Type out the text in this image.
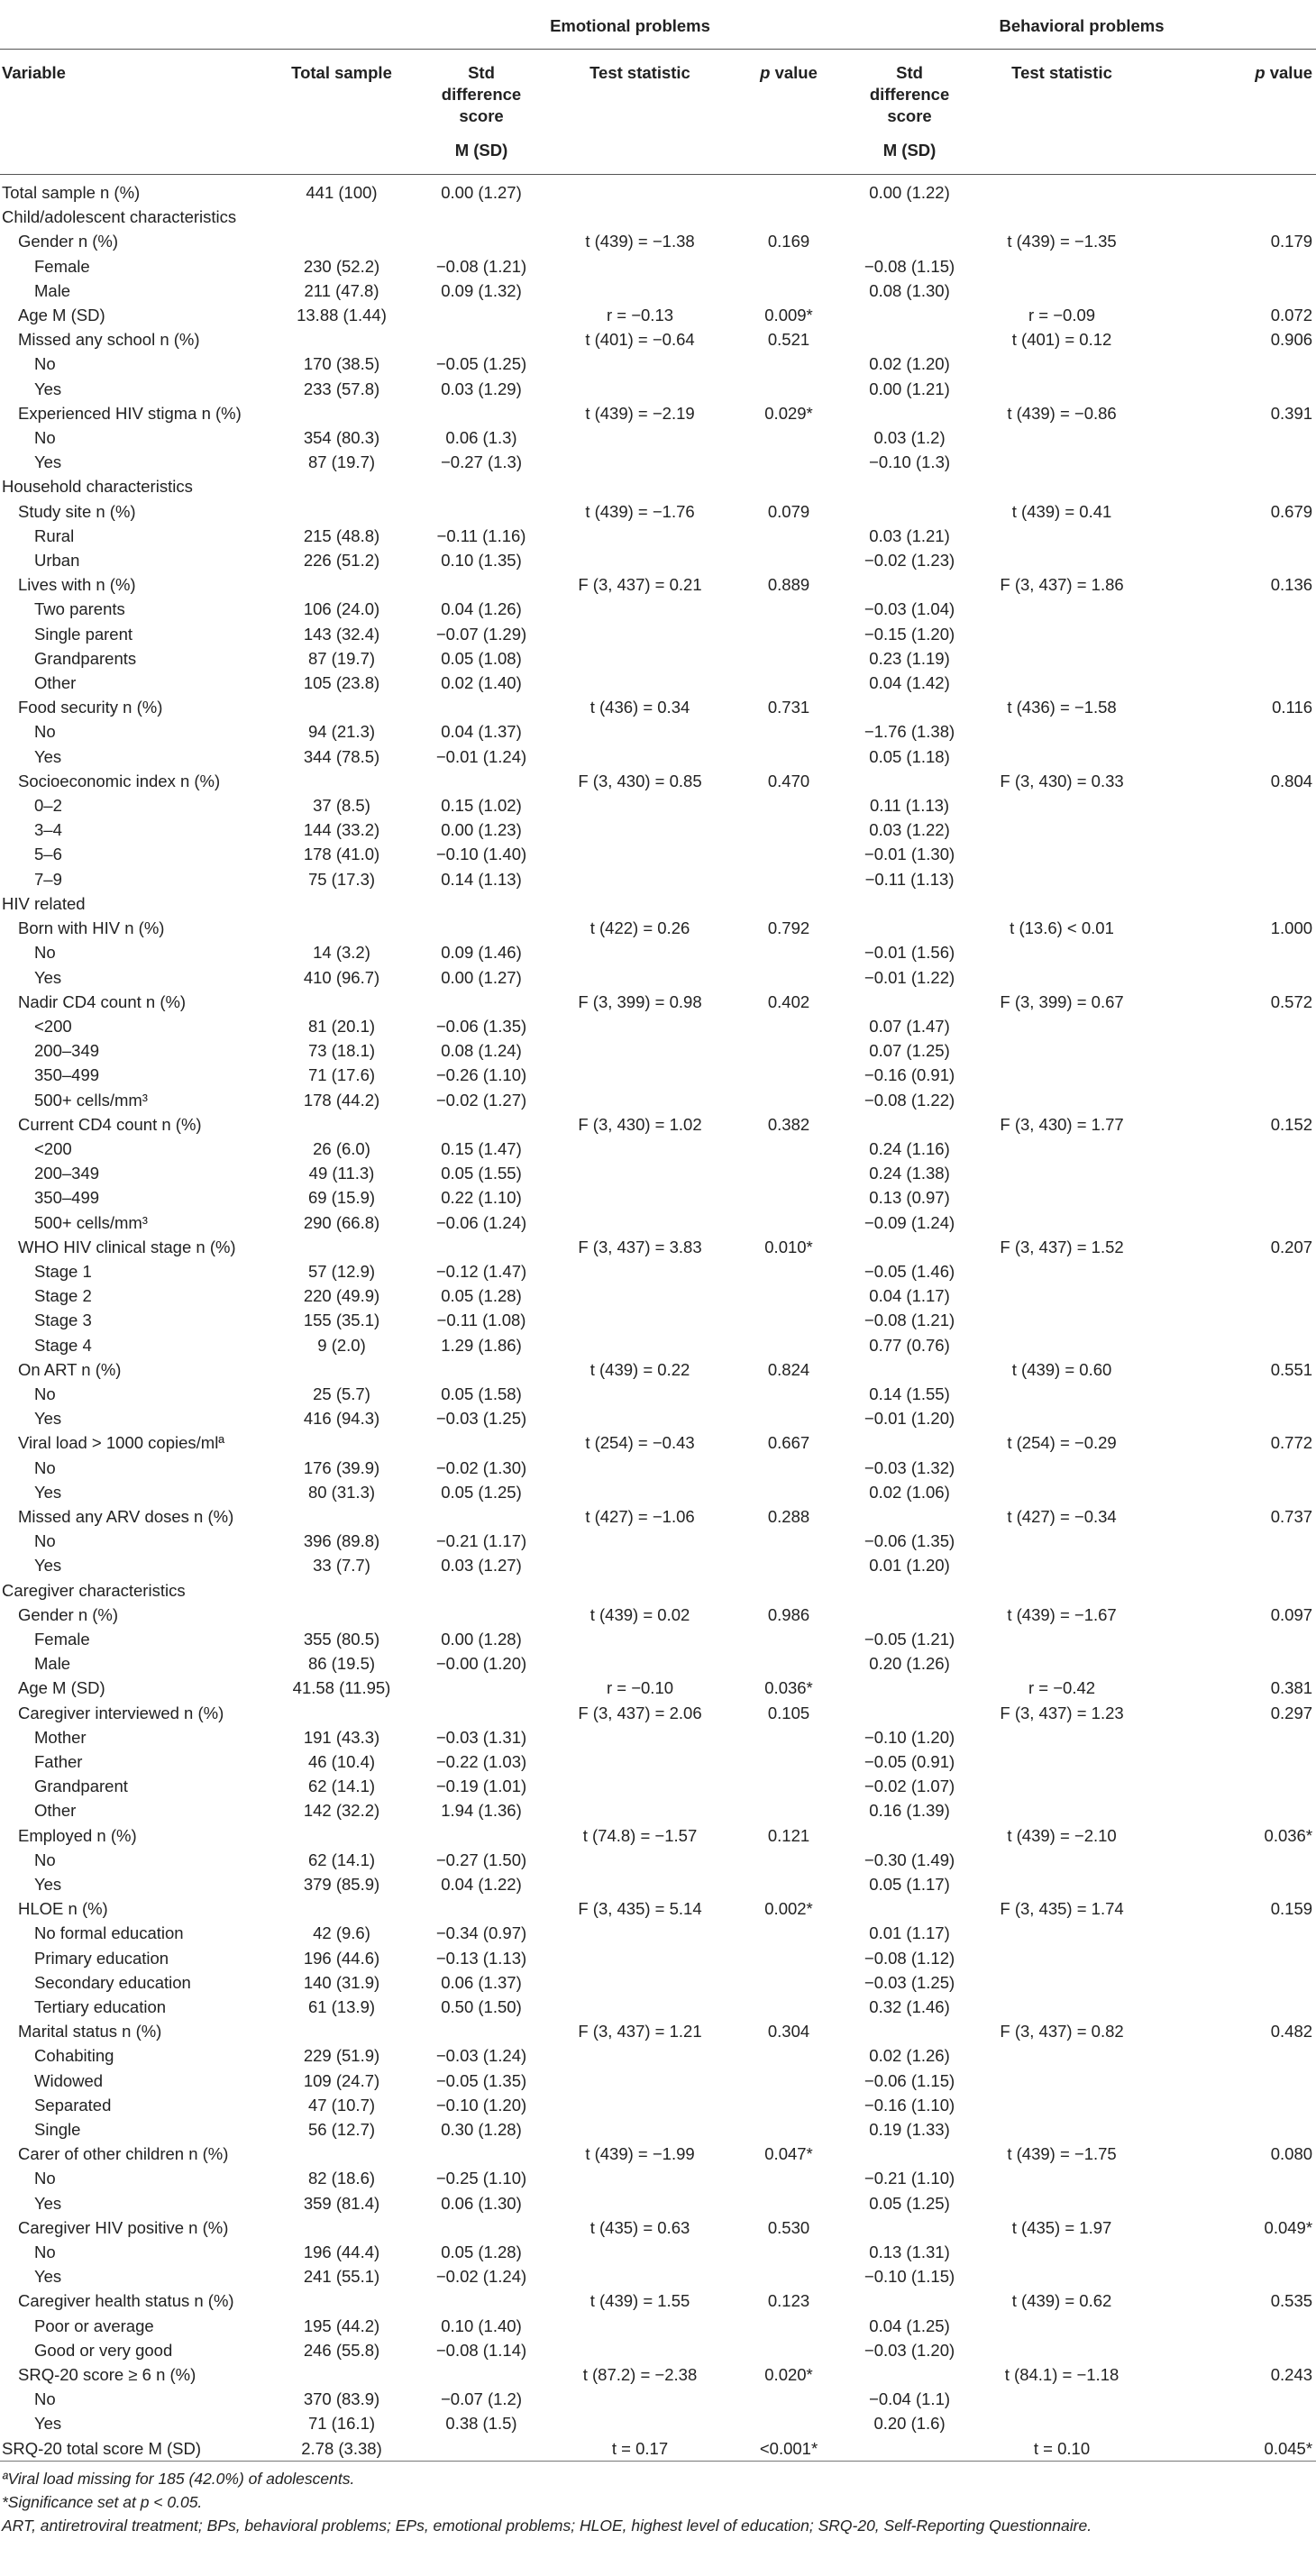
		Emotional problems			Behavioral problems		
Variable	Total sample	Std
difference
score	Test statistic	p value	Std
difference
score	Test statistic	p value
		M (SD)			M (SD)		
Total sample n (%)	441 (100)	0.00 (1.27)			0.00 (1.22)		
Child/adolescent characteristics							
Gender n (%)			t (439) = −1.38	0.169		t (439) = −1.35	0.179
Female	230 (52.2)	−0.08 (1.21)			−0.08 (1.15)		
Male	211 (47.8)	0.09 (1.32)			0.08 (1.30)		
Age M (SD)	13.88 (1.44)		r = −0.13	0.009*		r = −0.09	0.072
Missed any school n (%)			t (401) = −0.64	0.521		t (401) = 0.12	0.906
No	170 (38.5)	−0.05 (1.25)			0.02 (1.20)		
Yes	233 (57.8)	0.03 (1.29)			0.00 (1.21)		
Experienced HIV stigma n (%)			t (439) = −2.19	0.029*		t (439) = −0.86	0.391
No	354 (80.3)	0.06 (1.3)			0.03 (1.2)		
Yes	87 (19.7)	−0.27 (1.3)			−0.10 (1.3)		
Household characteristics							
Study site n (%)			t (439) = −1.76	0.079		t (439) = 0.41	0.679
Rural	215 (48.8)	−0.11 (1.16)			0.03 (1.21)		
Urban	226 (51.2)	0.10 (1.35)			−0.02 (1.23)		
Lives with n (%)			F (3, 437) = 0.21	0.889		F (3, 437) = 1.86	0.136
Two parents	106 (24.0)	0.04 (1.26)			−0.03 (1.04)		
Single parent	143 (32.4)	−0.07 (1.29)			−0.15 (1.20)		
Grandparents	87 (19.7)	0.05 (1.08)			0.23 (1.19)		
Other	105 (23.8)	0.02 (1.40)			0.04 (1.42)		
Food security n (%)			t (436) = 0.34	0.731		t (436) = −1.58	0.116
No	94 (21.3)	0.04 (1.37)			−1.76 (1.38)		
Yes	344 (78.5)	−0.01 (1.24)			0.05 (1.18)		
Socioeconomic index n (%)			F (3, 430) = 0.85	0.470		F (3, 430) = 0.33	0.804
0–2	37 (8.5)	0.15 (1.02)			0.11 (1.13)		
3–4	144 (33.2)	0.00 (1.23)			0.03 (1.22)		
5–6	178 (41.0)	−0.10 (1.40)			−0.01 (1.30)		
7–9	75 (17.3)	0.14 (1.13)			−0.11 (1.13)		
HIV related							
Born with HIV n (%)			t (422) = 0.26	0.792		t (13.6) < 0.01	1.000
No	14 (3.2)	0.09 (1.46)			−0.01 (1.56)		
Yes	410 (96.7)	0.00 (1.27)			−0.01 (1.22)		
Nadir CD4 count n (%)			F (3, 399) = 0.98	0.402		F (3, 399) = 0.67	0.572
<200	81 (20.1)	−0.06 (1.35)			0.07 (1.47)		
200–349	73 (18.1)	0.08 (1.24)			0.07 (1.25)		
350–499	71 (17.6)	−0.26 (1.10)			−0.16 (0.91)		
500+ cells/mm³	178 (44.2)	−0.02 (1.27)			−0.08 (1.22)		
Current CD4 count n (%)			F (3, 430) = 1.02	0.382		F (3, 430) = 1.77	0.152
<200	26 (6.0)	0.15 (1.47)			0.24 (1.16)		
200–349	49 (11.3)	0.05 (1.55)			0.24 (1.38)		
350–499	69 (15.9)	0.22 (1.10)			0.13 (0.97)		
500+ cells/mm³	290 (66.8)	−0.06 (1.24)			−0.09 (1.24)		
WHO HIV clinical stage n (%)			F (3, 437) = 3.83	0.010*		F (3, 437) = 1.52	0.207
Stage 1	57 (12.9)	−0.12 (1.47)			−0.05 (1.46)		
Stage 2	220 (49.9)	0.05 (1.28)			0.04 (1.17)		
Stage 3	155 (35.1)	−0.11 (1.08)			−0.08 (1.21)		
Stage 4	9 (2.0)	1.29 (1.86)			0.77 (0.76)		
On ART n (%)			t (439) = 0.22	0.824		t (439) = 0.60	0.551
No	25 (5.7)	0.05 (1.58)			0.14 (1.55)		
Yes	416 (94.3)	−0.03 (1.25)			−0.01 (1.20)		
Viral load > 1000 copies/mlª			t (254) = −0.43	0.667		t (254) = −0.29	0.772
No	176 (39.9)	−0.02 (1.30)			−0.03 (1.32)		
Yes	80 (31.3)	0.05 (1.25)			0.02 (1.06)		
Missed any ARV doses n (%)			t (427) = −1.06	0.288		t (427) = −0.34	0.737
No	396 (89.8)	−0.21 (1.17)			−0.06 (1.35)		
Yes	33 (7.7)	0.03 (1.27)			0.01 (1.20)		
Caregiver characteristics							
Gender n (%)			t (439) = 0.02	0.986		t (439) = −1.67	0.097
Female	355 (80.5)	0.00 (1.28)			−0.05 (1.21)		
Male	86 (19.5)	−0.00 (1.20)			0.20 (1.26)		
Age M (SD)	41.58 (11.95)		r = −0.10	0.036*		r = −0.42	0.381
Caregiver interviewed n (%)			F (3, 437) = 2.06	0.105		F (3, 437) = 1.23	0.297
Mother	191 (43.3)	−0.03 (1.31)			−0.10 (1.20)		
Father	46 (10.4)	−0.22 (1.03)			−0.05 (0.91)		
Grandparent	62 (14.1)	−0.19 (1.01)			−0.02 (1.07)		
Other	142 (32.2)	1.94 (1.36)			0.16 (1.39)		
Employed n (%)			t (74.8) = −1.57	0.121		t (439) = −2.10	0.036*
No	62 (14.1)	−0.27 (1.50)			−0.30 (1.49)		
Yes	379 (85.9)	0.04 (1.22)			0.05 (1.17)		
HLOE n (%)			F (3, 435) = 5.14	0.002*		F (3, 435) = 1.74	0.159
No formal education	42 (9.6)	−0.34 (0.97)			0.01 (1.17)		
Primary education	196 (44.6)	−0.13 (1.13)			−0.08 (1.12)		
Secondary education	140 (31.9)	0.06 (1.37)			−0.03 (1.25)		
Tertiary education	61 (13.9)	0.50 (1.50)			0.32 (1.46)		
Marital status n (%)			F (3, 437) = 1.21	0.304		F (3, 437) = 0.82	0.482
Cohabiting	229 (51.9)	−0.03 (1.24)			0.02 (1.26)		
Widowed	109 (24.7)	−0.05 (1.35)			−0.06 (1.15)		
Separated	47 (10.7)	−0.10 (1.20)			−0.16 (1.10)		
Single	56 (12.7)	0.30 (1.28)			0.19 (1.33)		
Carer of other children n (%)			t (439) = −1.99	0.047*		t (439) = −1.75	0.080
No	82 (18.6)	−0.25 (1.10)			−0.21 (1.10)		
Yes	359 (81.4)	0.06 (1.30)			0.05 (1.25)		
Caregiver HIV positive n (%)			t (435) = 0.63	0.530		t (435) = 1.97	0.049*
No	196 (44.4)	0.05 (1.28)			0.13 (1.31)		
Yes	241 (55.1)	−0.02 (1.24)			−0.10 (1.15)		
Caregiver health status n (%)			t (439) = 1.55	0.123		t (439) = 0.62	0.535
Poor or average	195 (44.2)	0.10 (1.40)			0.04 (1.25)		
Good or very good	246 (55.8)	−0.08 (1.14)			−0.03 (1.20)		
SRQ-20 score ≥ 6 n (%)			t (87.2) = −2.38	0.020*		t (84.1) = −1.18	0.243
No	370 (83.9)	−0.07 (1.2)			−0.04 (1.1)		
Yes	71 (16.1)	0.38 (1.5)			0.20 (1.6)		
SRQ-20 total score M (SD)	2.78 (3.38)		t = 0.17	<0.001*		t = 0.10	0.045*
ªViral load missing for 185 (42.0%) of adolescents.
*Significance set at p < 0.05.
ART, antiretroviral treatment; BPs, behavioral problems; EPs, emotional problems; HLOE, highest level of education; SRQ-20, Self-Reporting Questionnaire.
